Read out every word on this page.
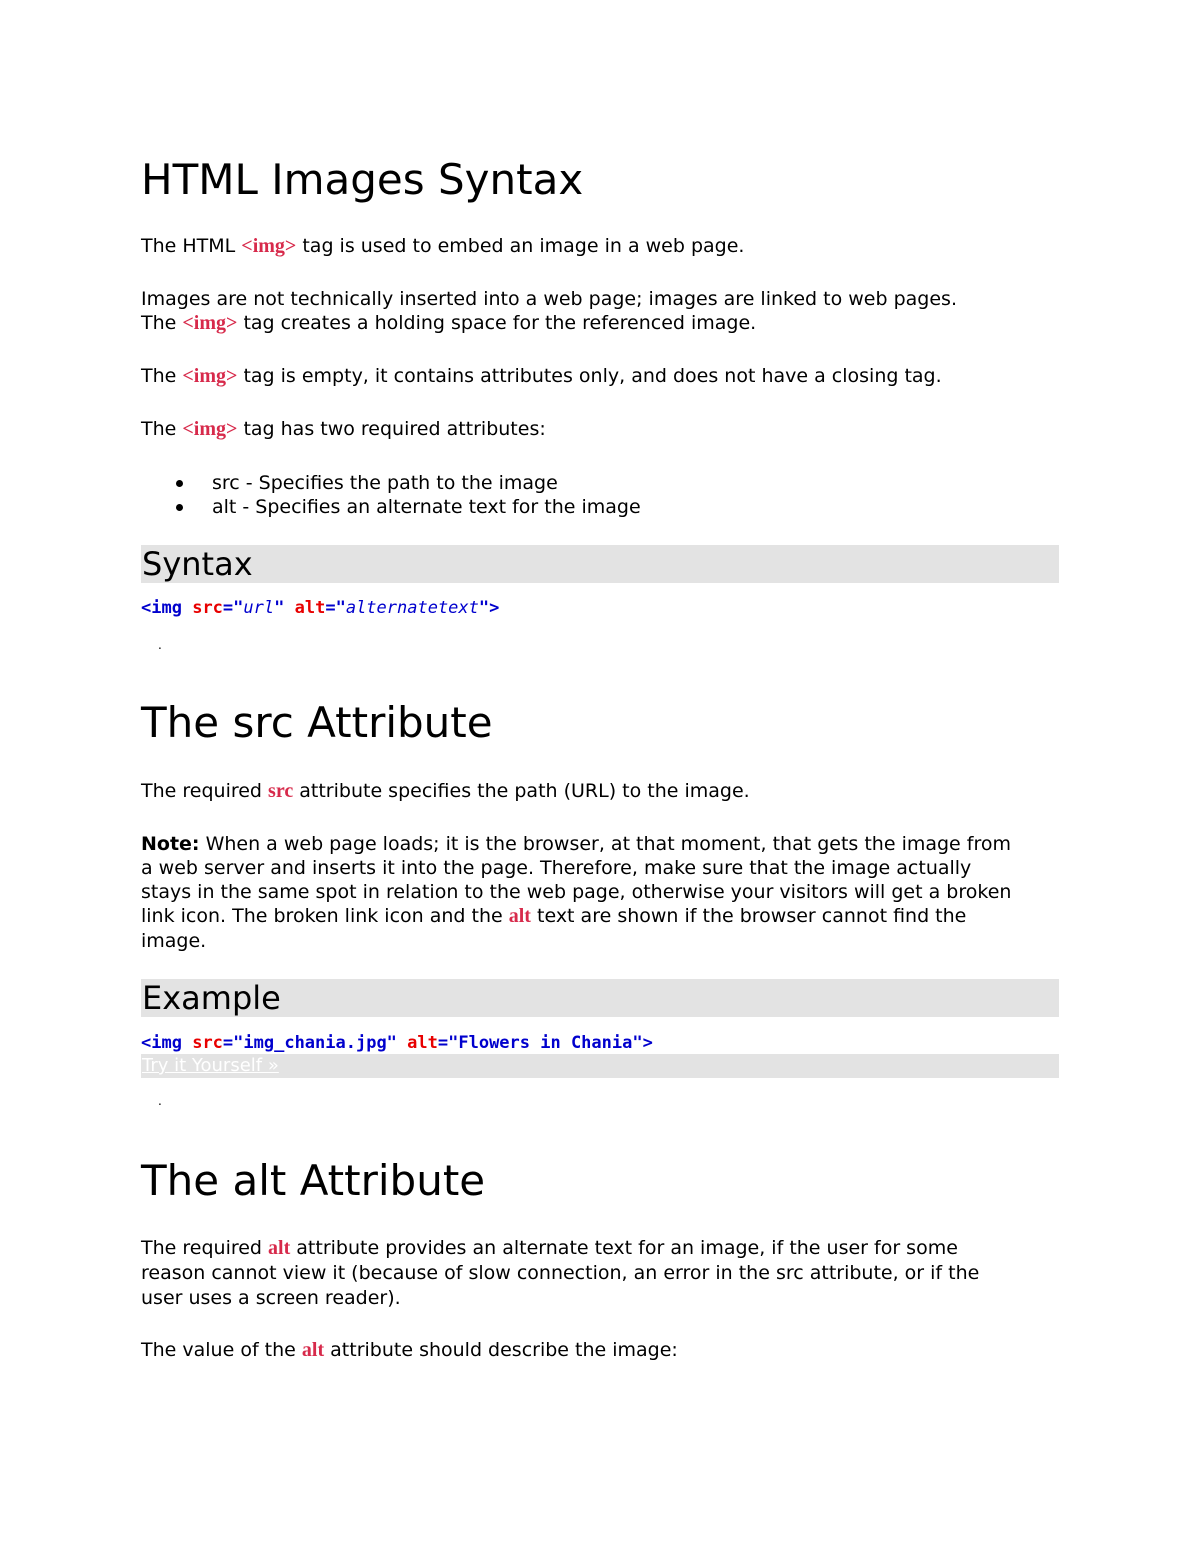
HTML Images Syntax
The HTML <img> tag is used to embed an image in a web page.
Images are not technically inserted into a web page; images are linked to web pages.
The <img> tag creates a holding space for the referenced image.
The <img> tag is empty, it contains attributes only, and does not have a closing tag.
The <img> tag has two required attributes:
src - Specifies the path to the image
alt - Specifies an alternate text for the image
Syntax
<img src="url" alt="alternatetext">
.
The src Attribute
The required src attribute specifies the path (URL) to the image.
Note: When a web page loads; it is the browser, at that moment, that gets the image from
a web server and inserts it into the page. Therefore, make sure that the image actually
stays in the same spot in relation to the web page, otherwise your visitors will get a broken
link icon. The broken link icon and the alt text are shown if the browser cannot find the
image.
Example
<img src="img_chania.jpg" alt="Flowers in Chania">
Try it Yourself »
.
The alt Attribute
The required alt attribute provides an alternate text for an image, if the user for some
reason cannot view it (because of slow connection, an error in the src attribute, or if the
user uses a screen reader).
The value of the alt attribute should describe the image:
